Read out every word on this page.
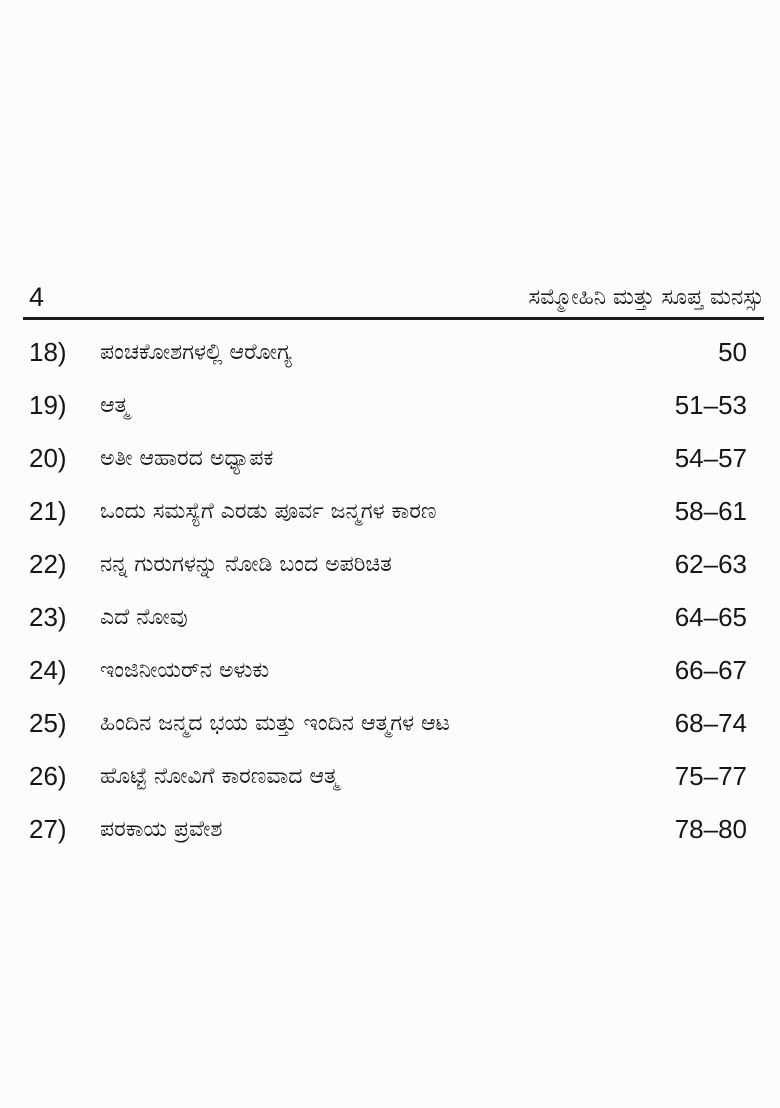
4	ಸಮ್ಮೋಹಿನಿ ಮತ್ತು ಸೂಪ್ತ ಮನಸ್ಸು
18) ಪಂಚಕೋಶಗಳಲ್ಲಿ ಆರೋಗ್ಯ	50
19) ಆತ್ಮ	51–53
20) ಅತೀ ಆಹಾರದ ಅಧ್ಯಾಪಕ	54–57
21) ಒಂದು ಸಮಸ್ಯೆಗೆ ಎರಡು ಪೂರ್ವ ಜನ್ಮಗಳ ಕಾರಣ	58–61
22) ನನ್ನ ಗುರುಗಳನ್ನು ನೋಡಿ ಬಂದ ಅಪರಿಚಿತ	62–63
23) ಎದೆ ನೋವು	64–65
24) ಇಂಜಿನೀಯರ್‌ನ ಅಳುಕು	66–67
25) ಹಿಂದಿನ ಜನ್ಮದ ಭಯ ಮತ್ತು ಇಂದಿನ ಆತ್ಮಗಳ ಆಟ	68–74
26) ಹೊಟ್ಟೆ ನೋವಿಗೆ ಕಾರಣವಾದ ಆತ್ಮ	75–77
27) ಪರಕಾಯ ಪ್ರವೇಶ	78–80
